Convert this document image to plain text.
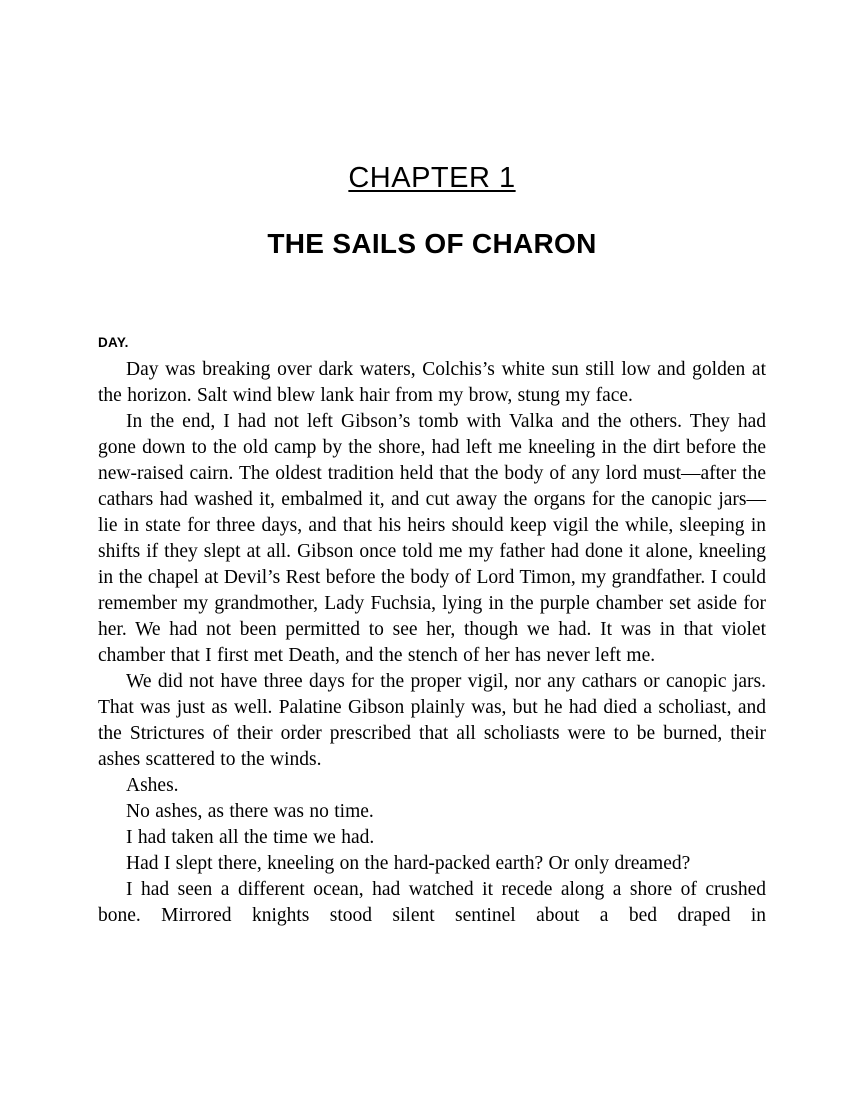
CHAPTER 1
THE SAILS OF CHARON
DAY.

Day was breaking over dark waters, Colchis’s white sun still low and golden at the horizon. Salt wind blew lank hair from my brow, stung my face.

In the end, I had not left Gibson’s tomb with Valka and the others. They had gone down to the old camp by the shore, had left me kneeling in the dirt before the new-raised cairn. The oldest tradition held that the body of any lord must—after the cathars had washed it, embalmed it, and cut away the organs for the canopic jars—lie in state for three days, and that his heirs should keep vigil the while, sleeping in shifts if they slept at all. Gibson once told me my father had done it alone, kneeling in the chapel at Devil’s Rest before the body of Lord Timon, my grandfather. I could remember my grandmother, Lady Fuchsia, lying in the purple chamber set aside for her. We had not been permitted to see her, though we had. It was in that violet chamber that I first met Death, and the stench of her has never left me.

We did not have three days for the proper vigil, nor any cathars or canopic jars. That was just as well. Palatine Gibson plainly was, but he had died a scholiast, and the Strictures of their order prescribed that all scholiasts were to be burned, their ashes scattered to the winds.

Ashes.

No ashes, as there was no time.

I had taken all the time we had.

Had I slept there, kneeling on the hard-packed earth? Or only dreamed?

I had seen a different ocean, had watched it recede along a shore of crushed bone. Mirrored knights stood silent sentinel about a bed draped in
